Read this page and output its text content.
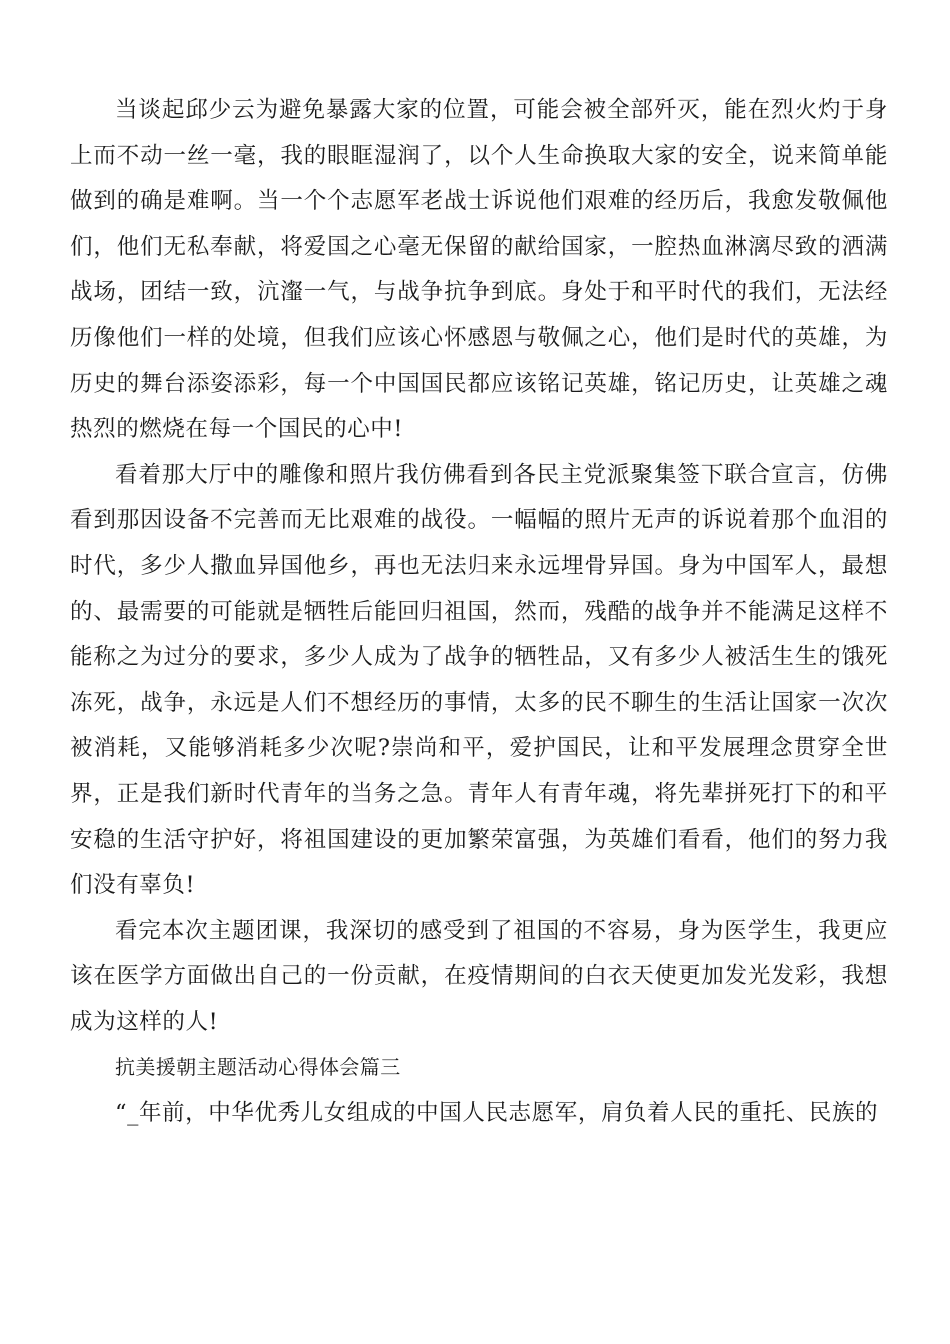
当谈起邱少云为避免暴露大家的位置，可能会被全部歼灭，能在烈火灼于身上而不动一丝一毫，我的眼眶湿润了，以个人生命换取大家的安全，说来简单能做到的确是难啊。当一个个志愿军老战士诉说他们艰难的经历后，我愈发敬佩他们，他们无私奉献，将爱国之心毫无保留的献给国家，一腔热血淋漓尽致的洒满战场，团结一致，沆瀣一气，与战争抗争到底。身处于和平时代的我们，无法经历像他们一样的处境，但我们应该心怀感恩与敬佩之心，他们是时代的英雄，为历史的舞台添姿添彩，每一个中国国民都应该铭记英雄，铭记历史，让英雄之魂热烈的燃烧在每一个国民的心中!

看着那大厅中的雕像和照片我仿佛看到各民主党派聚集签下联合宣言，仿佛看到那因设备不完善而无比艰难的战役。一幅幅的照片无声的诉说着那个血泪的时代，多少人撒血异国他乡，再也无法归来永远埋骨异国。身为中国军人，最想的、最需要的可能就是牺牲后能回归祖国，然而，残酷的战争并不能满足这样不能称之为过分的要求，多少人成为了战争的牺牲品，又有多少人被活生生的饿死冻死，战争，永远是人们不想经历的事情，太多的民不聊生的生活让国家一次次被消耗，又能够消耗多少次呢?崇尚和平，爱护国民，让和平发展理念贯穿全世界，正是我们新时代青年的当务之急。青年人有青年魂，将先辈拼死打下的和平安稳的生活守护好，将祖国建设的更加繁荣富强，为英雄们看看，他们的努力我们没有辜负!

看完本次主题团课，我深切的感受到了祖国的不容易，身为医学生，我更应该在医学方面做出自己的一份贡献，在疫情期间的白衣天使更加发光发彩，我想成为这样的人!

抗美援朝主题活动心得体会篇三

“_年前，中华优秀儿女组成的中国人民志愿军，肩负着人民的重托、民族的
